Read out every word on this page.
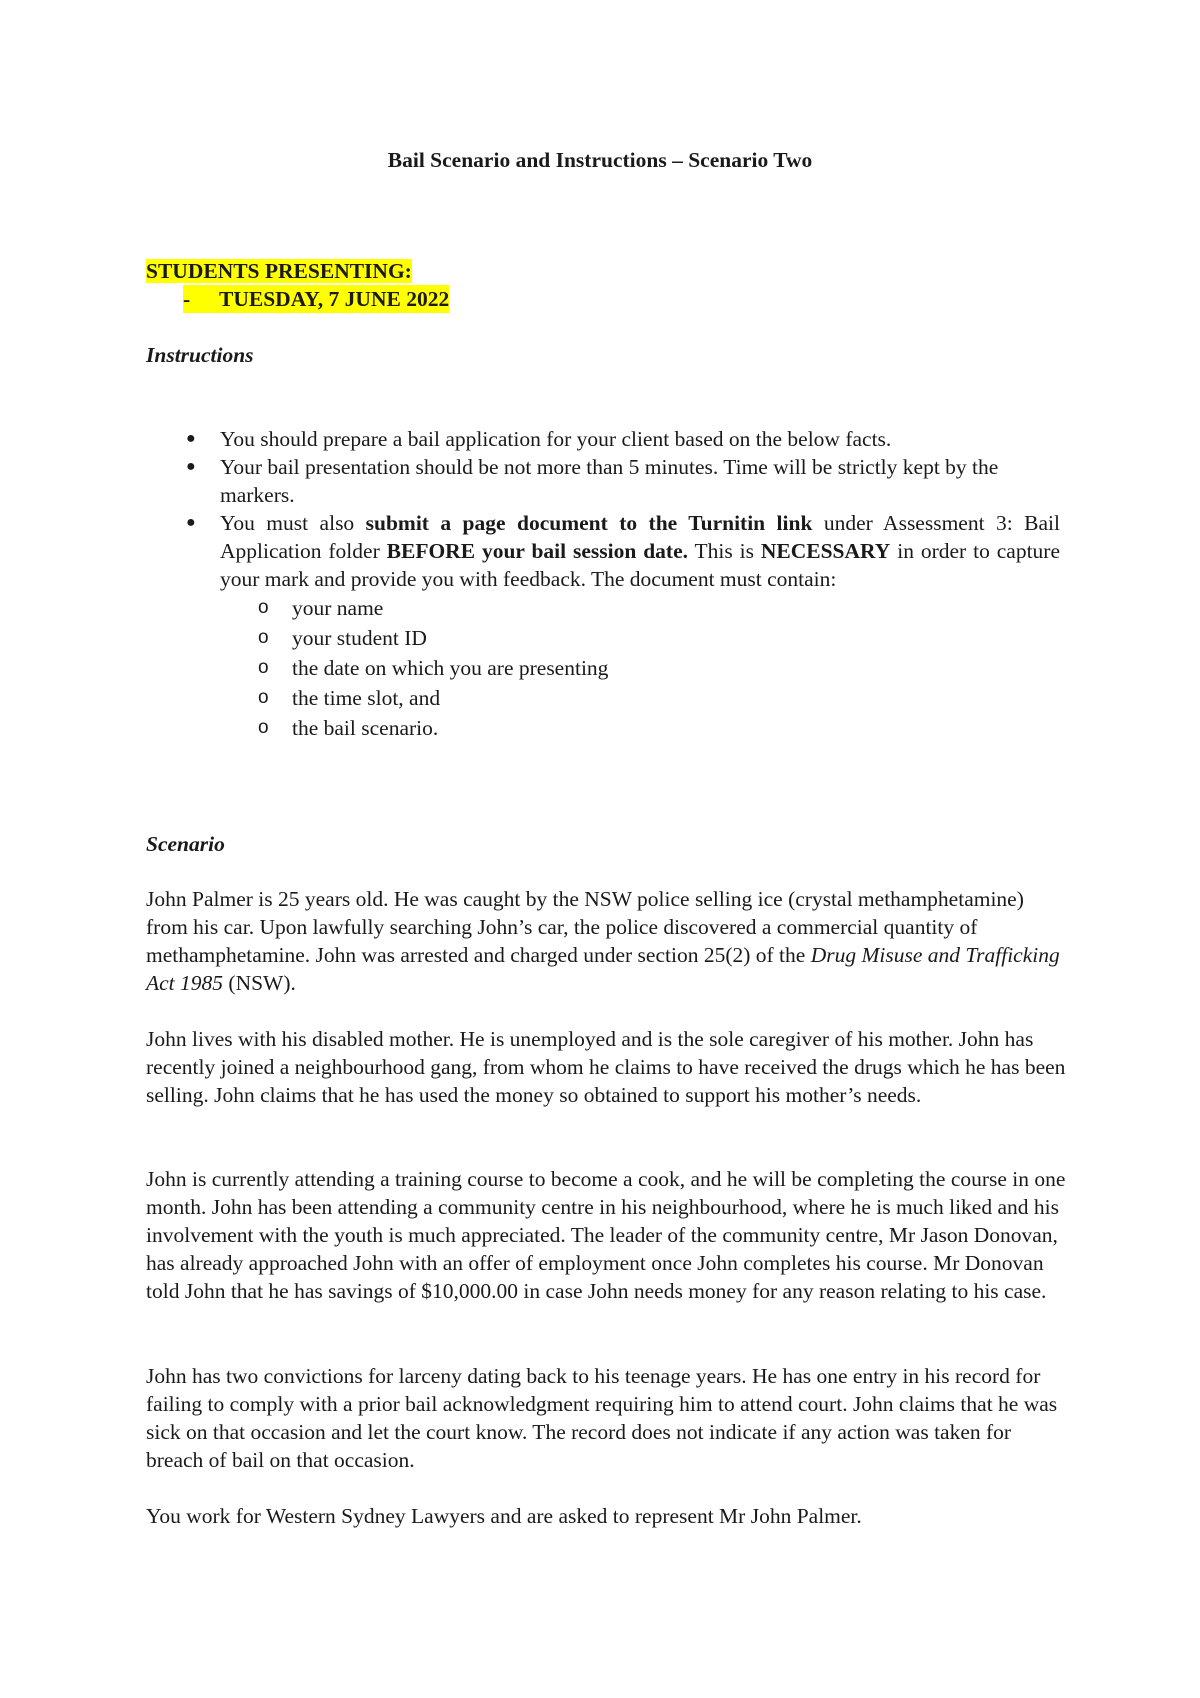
Bail Scenario and Instructions – Scenario Two
STUDENTS PRESENTING:
- TUESDAY, 7 JUNE 2022
Instructions
● You should prepare a bail application for your client based on the below facts.
● Your bail presentation should be not more than 5 minutes. Time will be strictly kept by the markers.
● You must also submit a page document to the Turnitin link under Assessment 3: Bail Application folder BEFORE your bail session date. This is NECESSARY in order to capture your mark and provide you with feedback. The document must contain:
o your name
o your student ID
o the date on which you are presenting
o the time slot, and
o the bail scenario.
Scenario

John Palmer is 25 years old. He was caught by the NSW police selling ice (crystal methamphetamine) from his car. Upon lawfully searching John’s car, the police discovered a commercial quantity of methamphetamine. John was arrested and charged under section 25(2) of the Drug Misuse and Trafficking Act 1985 (NSW).

John lives with his disabled mother. He is unemployed and is the sole caregiver of his mother. John has recently joined a neighbourhood gang, from whom he claims to have received the drugs which he has been selling. John claims that he has used the money so obtained to support his mother’s needs.

John is currently attending a training course to become a cook, and he will be completing the course in one month. John has been attending a community centre in his neighbourhood, where he is much liked and his involvement with the youth is much appreciated. The leader of the community centre, Mr Jason Donovan, has already approached John with an offer of employment once John completes his course. Mr Donovan told John that he has savings of $10,000.00 in case John needs money for any reason relating to his case.

John has two convictions for larceny dating back to his teenage years. He has one entry in his record for failing to comply with a prior bail acknowledgment requiring him to attend court. John claims that he was sick on that occasion and let the court know. The record does not indicate if any action was taken for breach of bail on that occasion.

You work for Western Sydney Lawyers and are asked to represent Mr John Palmer.
